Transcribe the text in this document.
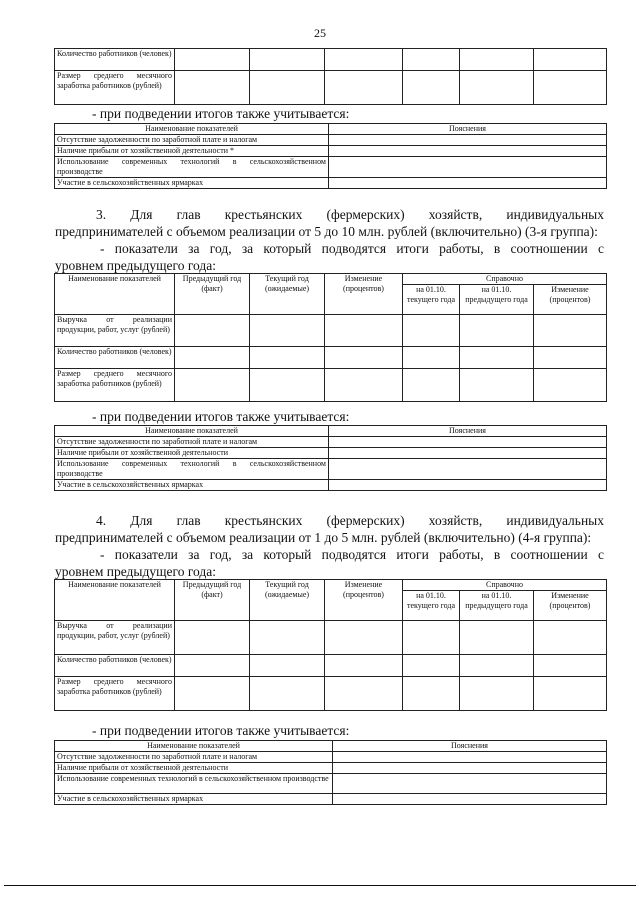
25
Количество работников (человек)						
Размер среднего месячного заработка работников (рублей)						
- при подведении итогов также учитывается:
Наименование показателей	Пояснения
Отсутствие задолженности по заработной плате и налогам	
Наличие прибыли от хозяйственной деятельности *	
Использование современных технологий в сельскохозяйственном производстве	
Участие в сельскохозяйственных ярмарках	
3. Для глав крестьянских (фермерских) хозяйств, индивидуальных
предпринимателей с объемом реализации от 5 до 10 млн. рублей (включительно) (3-я группа):
- показатели за год, за который подводятся итоги работы, в соотношении с
уровнем предыдущего года:
Наименование показателей	Предыдущий год (факт)	Текущий год (ожидаемые)	Изменение (процентов)	Справочно		
				на 01.10. текущего года	на 01.10. предыдущего года	Изменение (процентов)
Выручка от реализации продукции, работ, услуг (рублей)						
Количество работников (человек)						
Размер среднего месячного заработка работников (рублей)						
- при подведении итогов также учитывается:
Наименование показателей	Пояснения
Отсутствие задолженности по заработной плате и налогам	
Наличие прибыли от хозяйственной деятельности	
Использование современных технологий в сельскохозяйственном производстве	
Участие в сельскохозяйственных ярмарках	
4. Для глав крестьянских (фермерских) хозяйств, индивидуальных
предпринимателей с объемом реализации от 1 до 5 млн. рублей (включительно) (4-я группа):
- показатели за год, за который подводятся итоги работы, в соотношении с
уровнем предыдущего года:
Наименование показателей	Предыдущий год (факт)	Текущий год (ожидаемые)	Изменение (процентов)	Справочно		
				на 01.10. текущего года	на 01.10. предыдущего года	Изменение (процентов)
Выручка от реализации продукции, работ, услуг (рублей)						
Количество работников (человек)						
Размер среднего месячного заработка работников (рублей)						
- при подведении итогов также учитывается:
Наименование показателей	Пояснения
Отсутствие задолженности по заработной плате и налогам	
Наличие прибыли от хозяйственной деятельности	
Использование современных технологий в сельскохозяйственном производстве	
Участие в сельскохозяйственных ярмарках	
